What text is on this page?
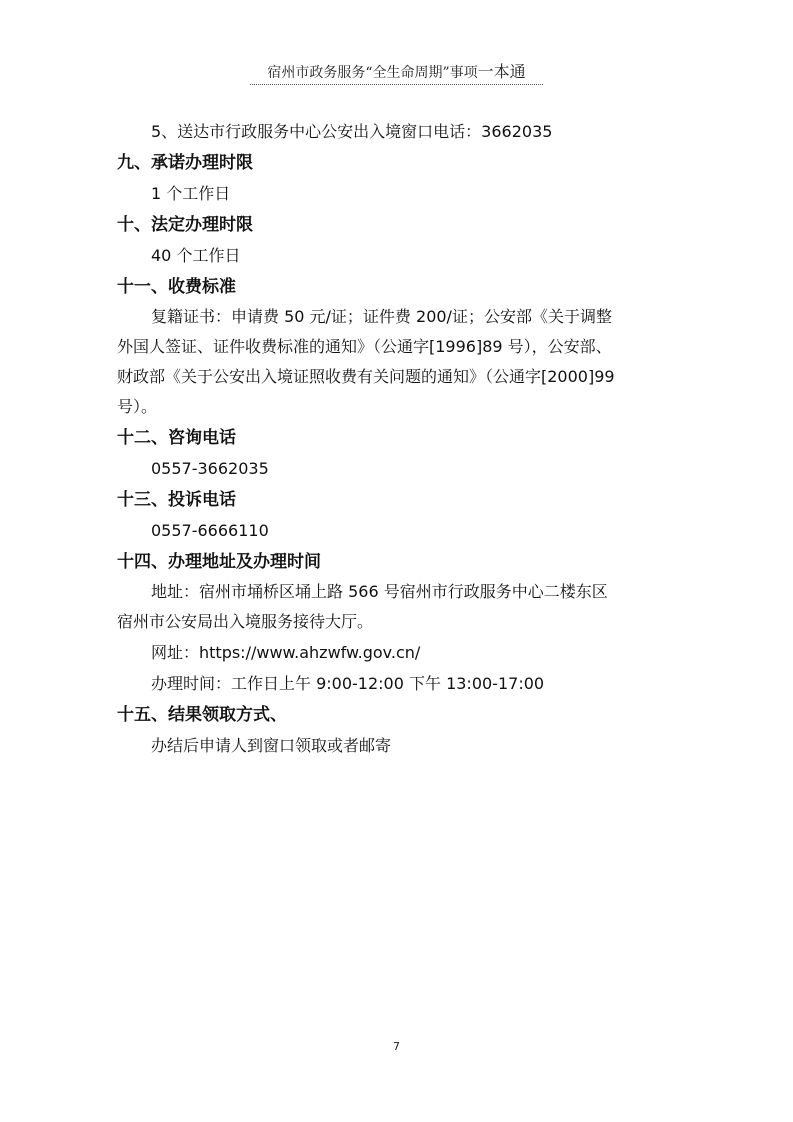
宿州市政务服务“全生命周期”事项一本通
5、送达市行政服务中心公安出入境窗口电话：3662035
九、承诺办理时限
1 个工作日
十、法定办理时限
40 个工作日
十一、收费标准
复籍证书：申请费 50 元/证；证件费 200/证；公安部《关于调整
外国人签证、证件收费标准的通知》（公通字[1996]89 号），公安部、
财政部《关于公安出入境证照收费有关问题的通知》（公通字[2000]99
号）。
十二、咨询电话
0557-3662035
十三、投诉电话
0557-6666110
十四、办理地址及办理时间
地址：宿州市埇桥区埇上路 566 号宿州市行政服务中心二楼东区
宿州市公安局出入境服务接待大厅。
网址：https://www.ahzwfw.gov.cn/
办理时间：工作日上午 9:00-12:00 下午 13:00-17:00
十五、结果领取方式、
办结后申请人到窗口领取或者邮寄
7
